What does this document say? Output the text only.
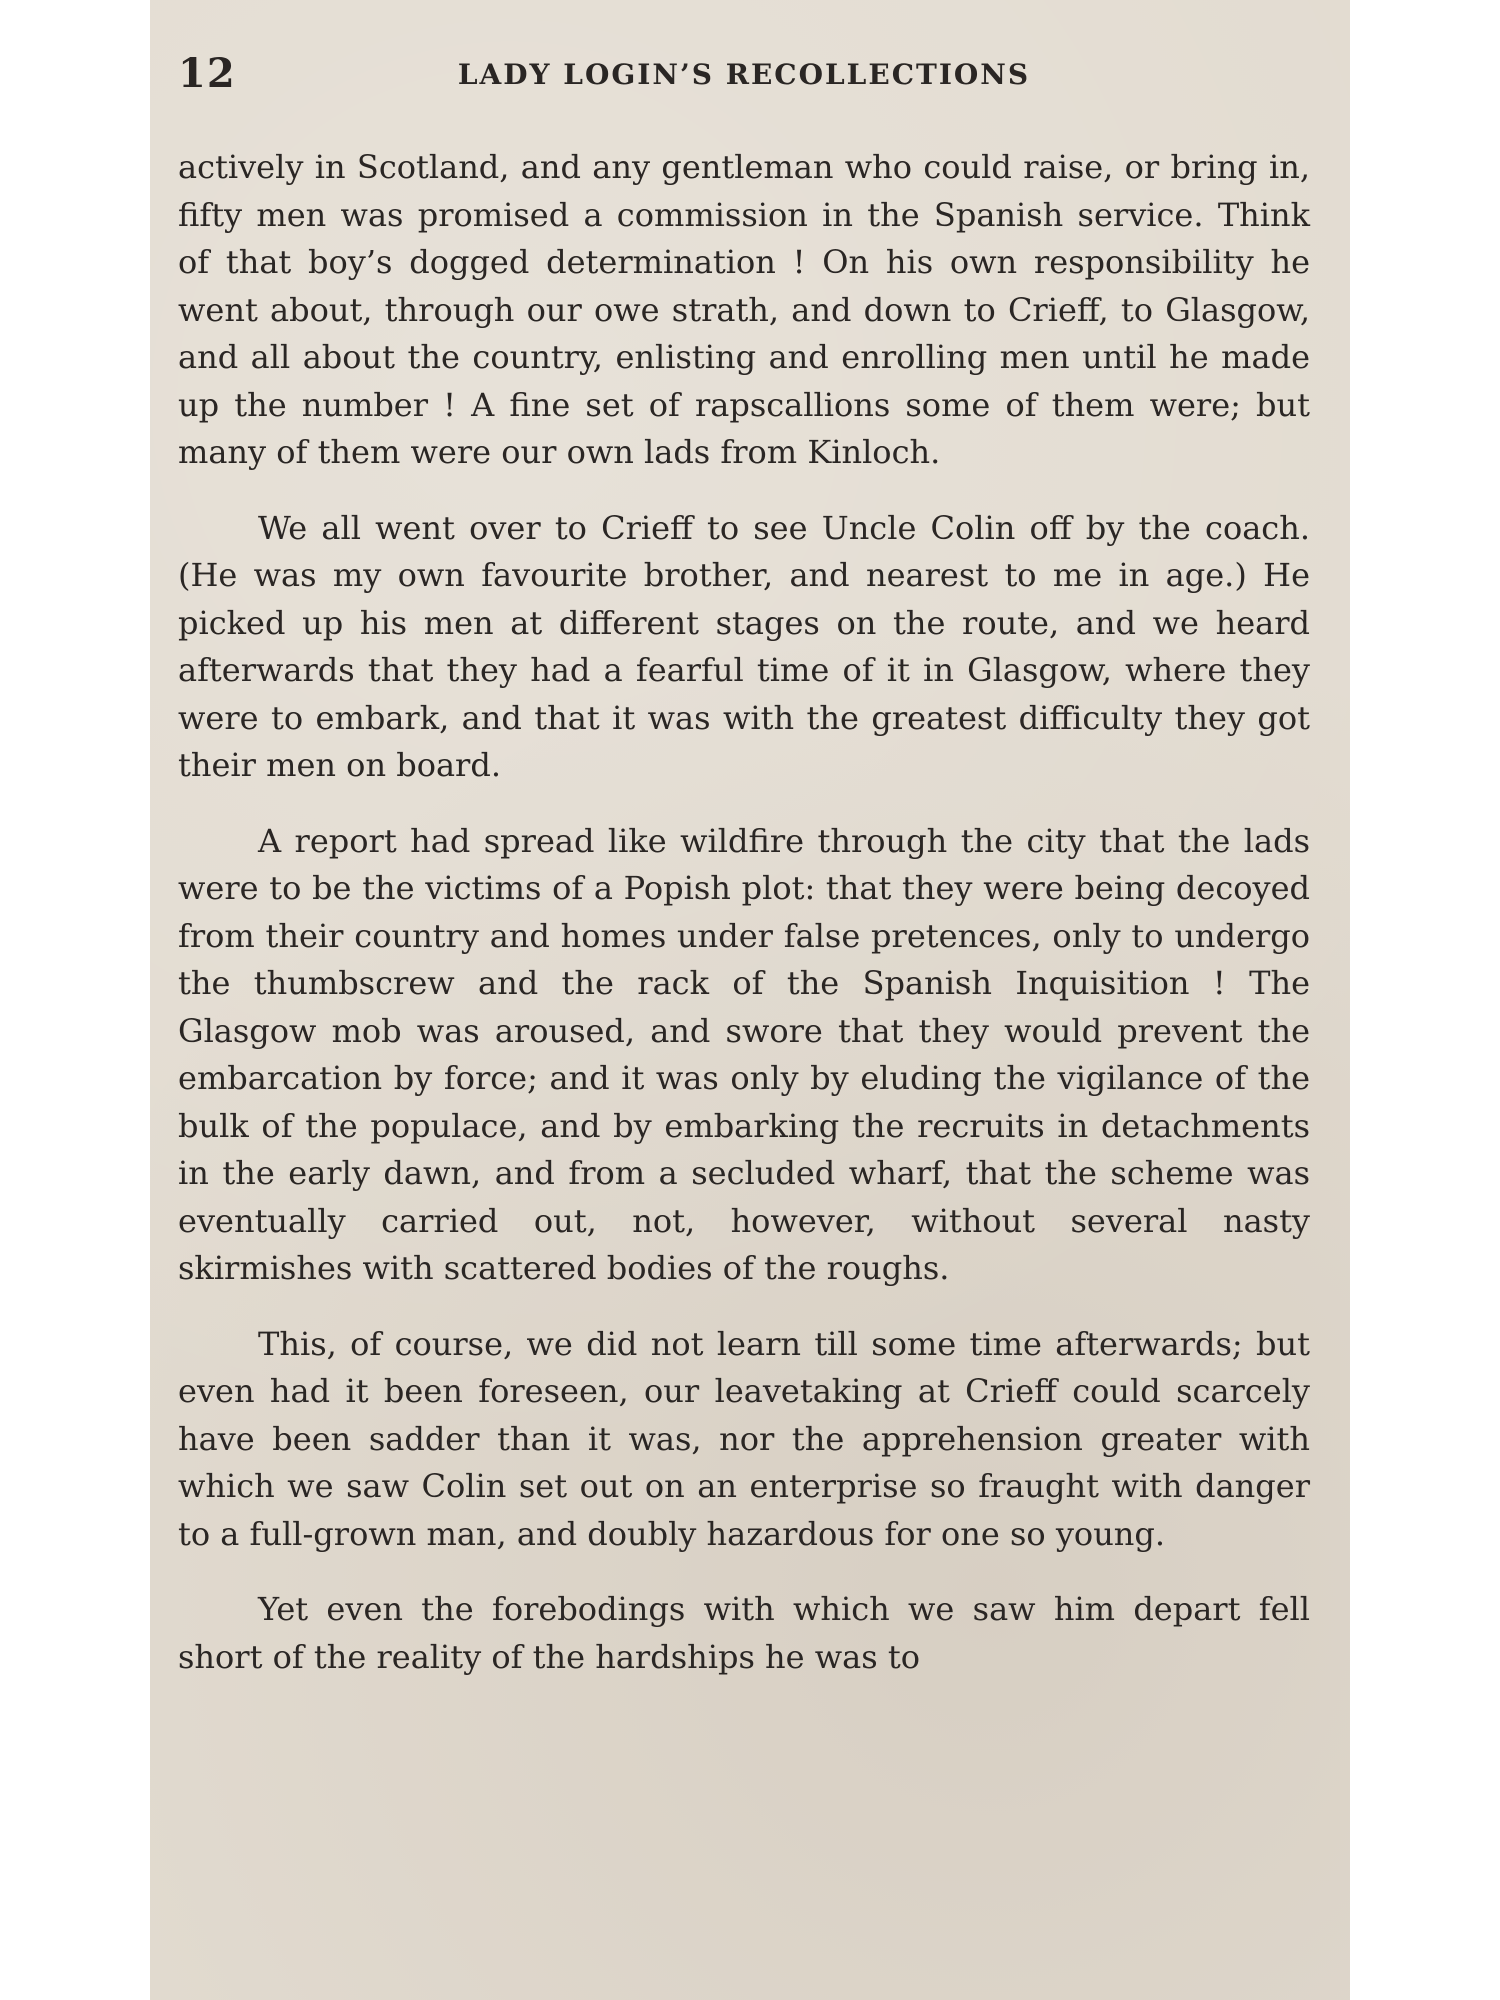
12	LADY LOGIN’S RECOLLECTIONS

actively in Scotland, and any gentleman who could raise, or bring in, fifty men was promised a commission in the Spanish service. Think of that boy’s dogged determination ! On his own responsibility he went about, through our owe strath, and down to Crieff, to Glasgow, and all about the country, enlisting and enrolling men until he made up the number ! A fine set of rapscallions some of them were; but many of them were our own lads from Kinloch.

We all went over to Crieff to see Uncle Colin off by the coach. (He was my own favourite brother, and nearest to me in age.) He picked up his men at different stages on the route, and we heard afterwards that they had a fearful time of it in Glasgow, where they were to embark, and that it was with the greatest difficulty they got their men on board.

A report had spread like wildfire through the city that the lads were to be the victims of a Popish plot: that they were being decoyed from their country and homes under false pretences, only to undergo the thumbscrew and the rack of the Spanish Inquisition ! The Glasgow mob was aroused, and swore that they would prevent the embarcation by force; and it was only by eluding the vigilance of the bulk of the populace, and by embarking the recruits in detachments in the early dawn, and from a secluded wharf, that the scheme was eventually carried out, not, however, without several nasty skirmishes with scattered bodies of the roughs.

This, of course, we did not learn till some time afterwards; but even had it been foreseen, our leavetaking at Crieff could scarcely have been sadder than it was, nor the apprehension greater with which we saw Colin set out on an enterprise so fraught with danger to a full-grown man, and doubly hazardous for one so young.

Yet even the forebodings with which we saw him depart fell short of the reality of the hardships he was to
